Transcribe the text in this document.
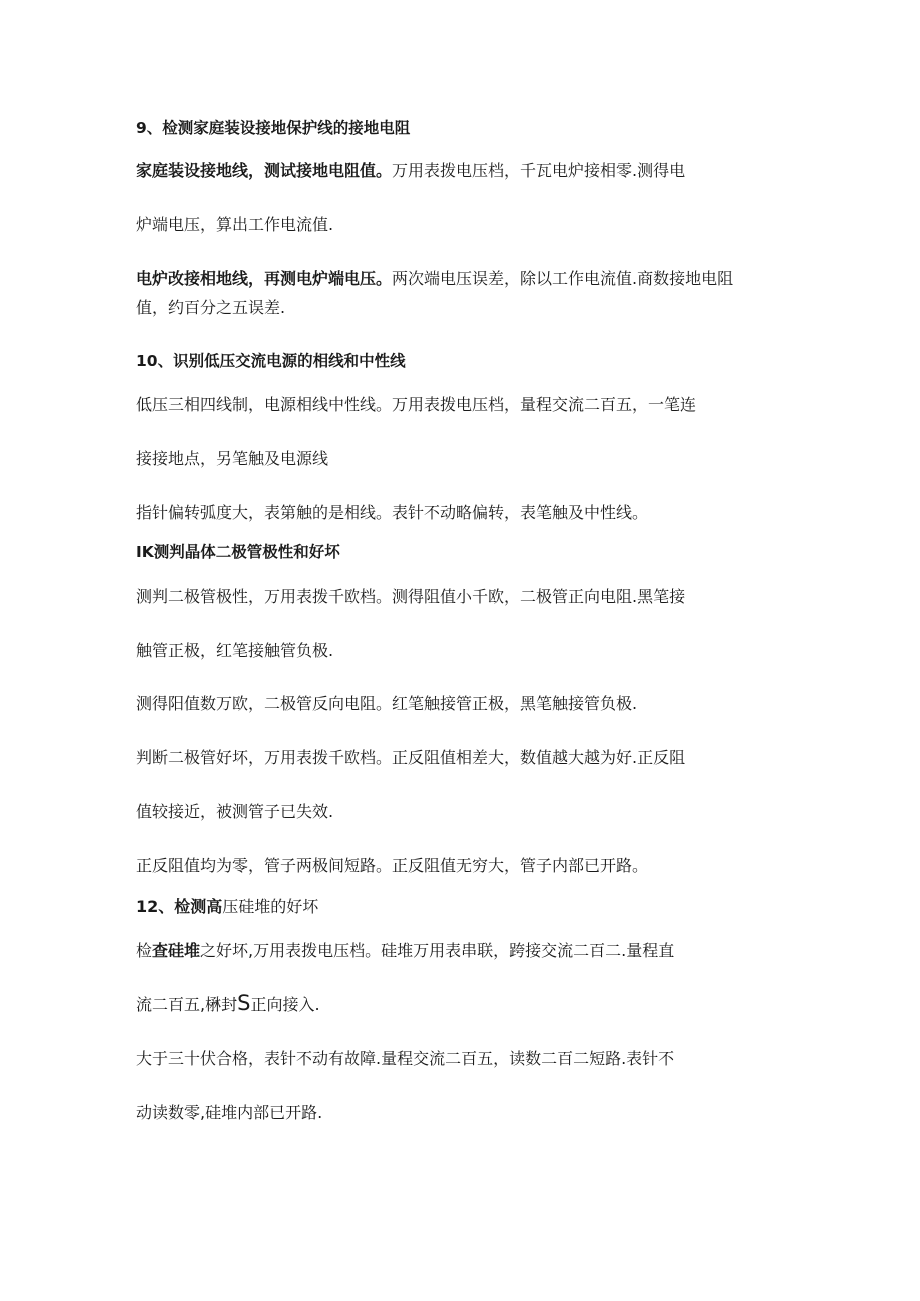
9、检测家庭装设接地保护线的接地电阻

家庭装设接地线，测试接地电阻值。万用表拨电压档，千瓦电炉接相零.测得电

炉端电压，算出工作电流值.

电炉改接相地线，再测电炉端电压。两次端电压误差，除以工作电流值.商数接地电阻

值，约百分之五误差.

10、识别低压交流电源的相线和中性线

低压三相四线制，电源相线中性线。万用表拨电压档，量程交流二百五，一笔连

接接地点，另笔触及电源线

指针偏转弧度大，表第触的是相线。表针不动略偏转，表笔触及中性线。

IK测判晶体二极管极性和好坏

测判二极管极性，万用表拨千欧档。测得阻值小千欧，二极管正向电阻.黑笔接

触管正极，红笔接触管负极.

测得阳值数万欧，二极管反向电阻。红笔触接管正极，黑笔触接管负极.

判断二极管好坏，万用表拨千欧档。正反阻值相差大，数值越大越为好.正反阻

值较接近，被测管子已失效.

正反阻值均为零，管子两极间短路。正反阻值无穷大，管子内部已开路。

12、检测高压硅堆的好坏

检查硅堆之好坏,万用表拨电压档。硅堆万用表串联，跨接交流二百二.量程直

流二百五,楙封S正向接入.

大于三十伏合格，表针不动有故障.量程交流二百五，读数二百二短路.表针不

动读数零,硅堆内部已开路.
